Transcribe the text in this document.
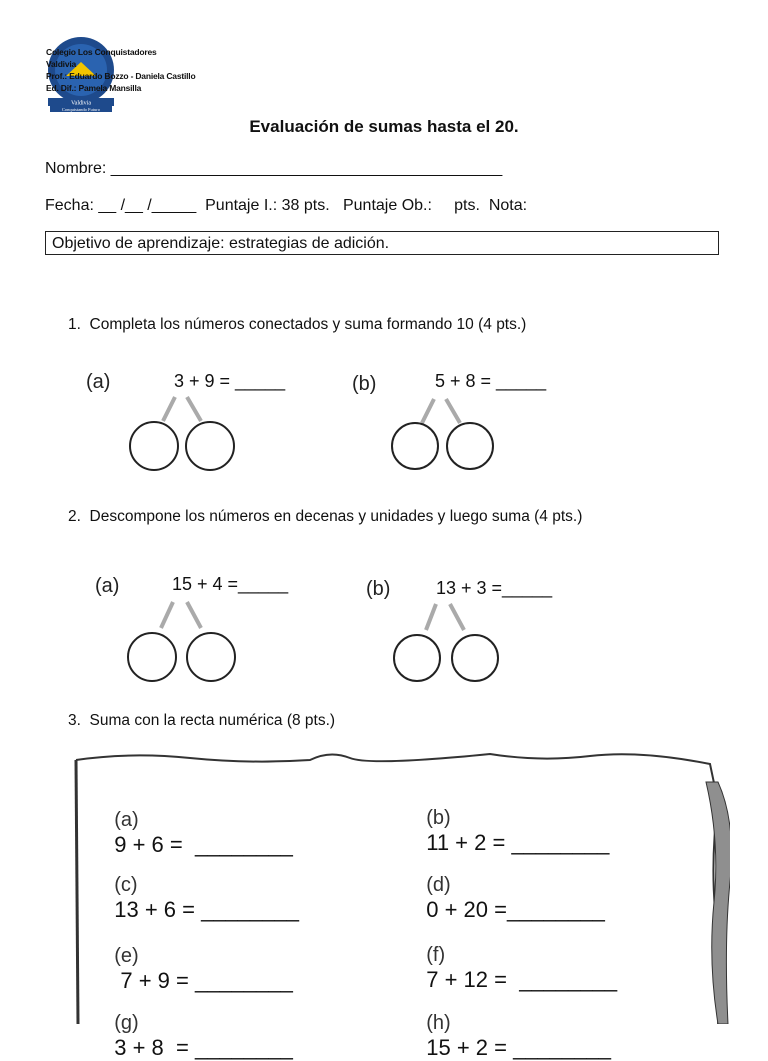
Valdivia
Conquistando Futuro
Colegio Los Conquistadores
Valdivia
Prof.: Eduardo Bozzo - Daniela Castillo
Ed. Dif.: Pamela Mansilla
Evaluación de sumas hasta el 20.
Nombre: ____________________________________________
Fecha: __ /__ /_____  Puntaje I.: 38 pts.   Puntaje Ob.:     pts.  Nota:
Objetivo de aprendizaje: estrategias de adición.
1.  Completa los números conectados y suma formando 10 (4 pts.)
(a)	3 + 9 = _____	(b)	5 + 8 = _____
2.  Descompone los números en decenas y unidades y luego suma (4 pts.)
(a)	15 + 4 =_____	(b)	13 + 3 =_____
3.  Suma con la recta numérica (8 pts.)

(a)
9 + 6 =  ________

(b)
11 + 2 = ________

(c)
13 + 6 = ________

(d)
0 + 20 =________

(e)
7 + 9 = ________

(f)
7 + 12 =  ________

(g)
3 + 8  = ________

(h)
15 + 2 = ________
